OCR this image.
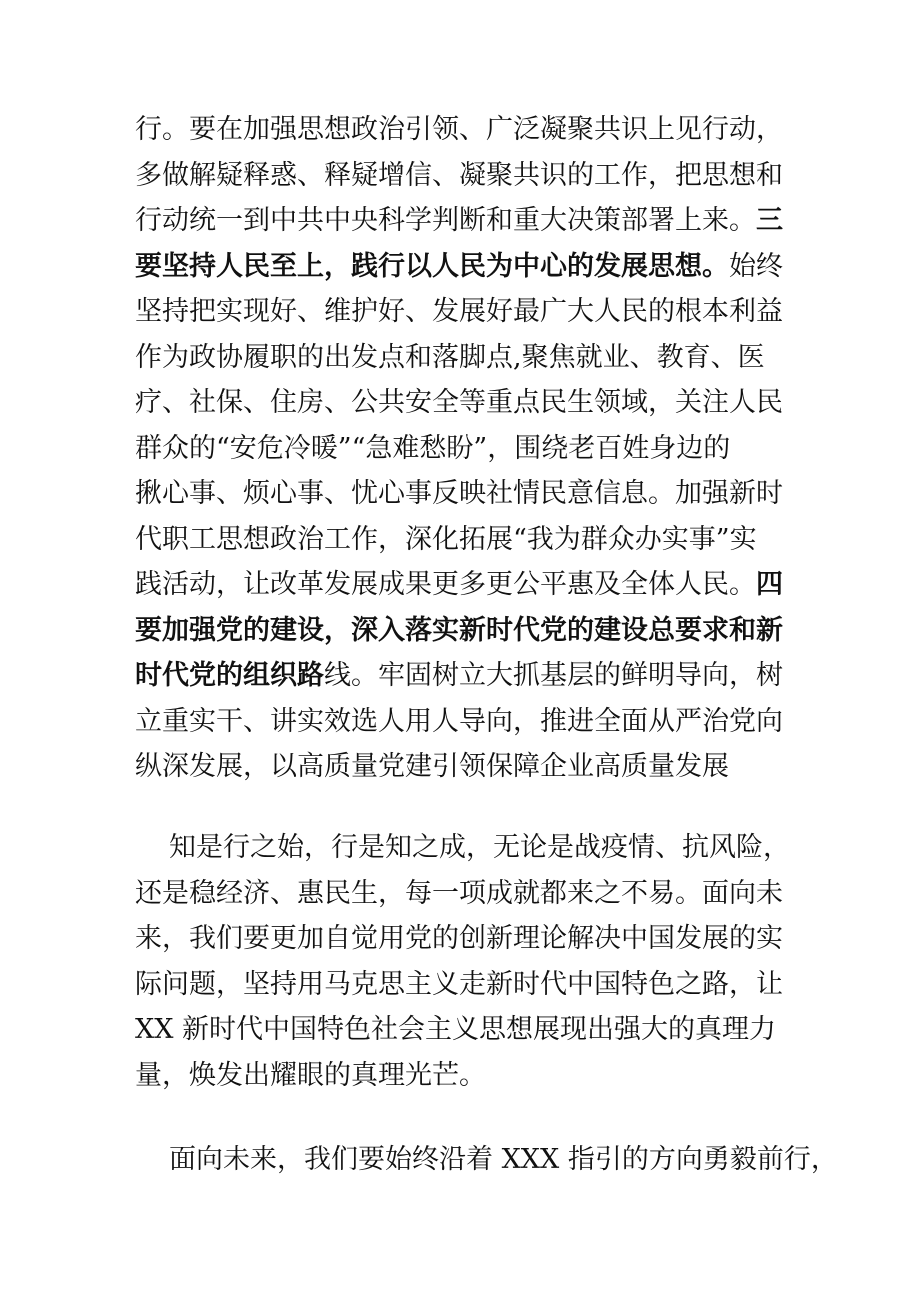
行。要在加强思想政治引领、广泛凝聚共识上见行动，
多做解疑释惑、释疑增信、凝聚共识的工作，把思想和
行动统一到中共中央科学判断和重大决策部署上来。三
要坚持人民至上，践行以人民为中心的发展思想。始终
坚持把实现好、维护好、发展好最广大人民的根本利益
作为政协履职的出发点和落脚点,聚焦就业、教育、医
疗、社保、住房、公共安全等重点民生领域，关注人民
群众的“安危冷暖”“急难愁盼”，围绕老百姓身边的
揪心事、烦心事、忧心事反映社情民意信息。加强新时
代职工思想政治工作，深化拓展“我为群众办实事”实
践活动，让改革发展成果更多更公平惠及全体人民。四
要加强党的建设，深入落实新时代党的建设总要求和新
时代党的组织路线。牢固树立大抓基层的鲜明导向，树
立重实干、讲实效选人用人导向，推进全面从严治党向
纵深发展，以高质量党建引领保障企业高质量发展
知是行之始，行是知之成，无论是战疫情、抗风险，
还是稳经济、惠民生，每一项成就都来之不易。面向未
来，我们要更加自觉用党的创新理论解决中国发展的实
际问题，坚持用马克思主义走新时代中国特色之路，让
XX 新时代中国特色社会主义思想展现出强大的真理力
量，焕发出耀眼的真理光芒。
面向未来，我们要始终沿着 XXX 指引的方向勇毅前行，
